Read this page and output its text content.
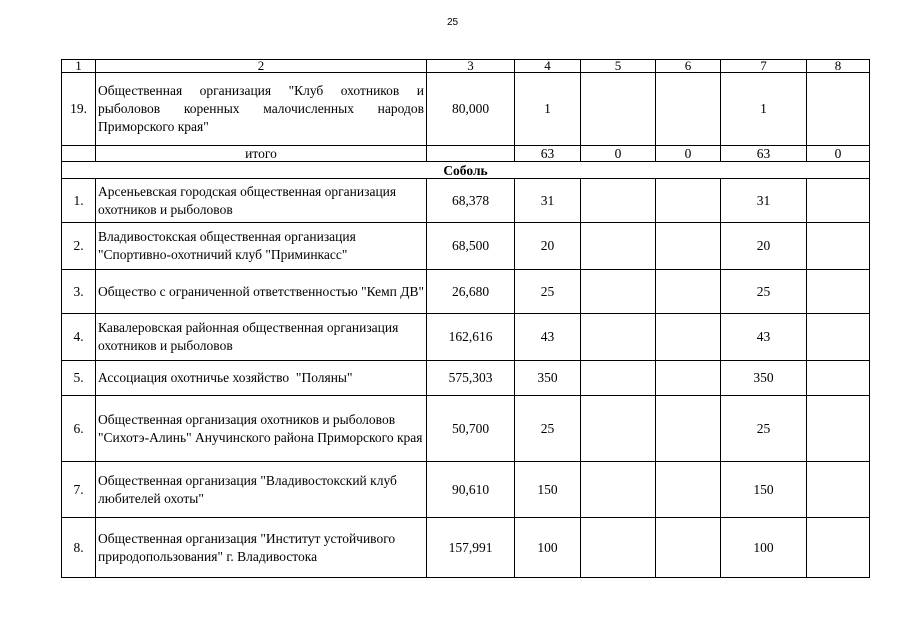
25
1	2	3	4	5	6	7	8
19.	Общественная организация "Клуб охотников и рыболовов коренных малочисленных народов Приморского края"	80,000	1			1	
	итого		63	0	0	63	0
Соболь							
1.	Арсеньевская городская общественная организация охотников и рыболовов	68,378	31			31	
2.	Владивостокская общественная организация "Спортивно-охотничий клуб "Приминкасс"	68,500	20			20	
3.	Общество с ограниченной ответственностью "Кемп ДВ"	26,680	25			25	
4.	Кавалеровская районная общественная организация охотников и рыболовов	162,616	43			43	
5.	Ассоциация охотничье хозяйство  "Поляны"	575,303	350			350	
6.	Общественная организация охотников и рыболовов "Сихотэ-Алинь" Анучинского района Приморского края	50,700	25			25	
7.	Общественная организация "Владивостокский клуб любителей охоты"	90,610	150			150	
8.	Общественная организация "Институт устойчивого природопользования" г. Владивостока	157,991	100			100	
